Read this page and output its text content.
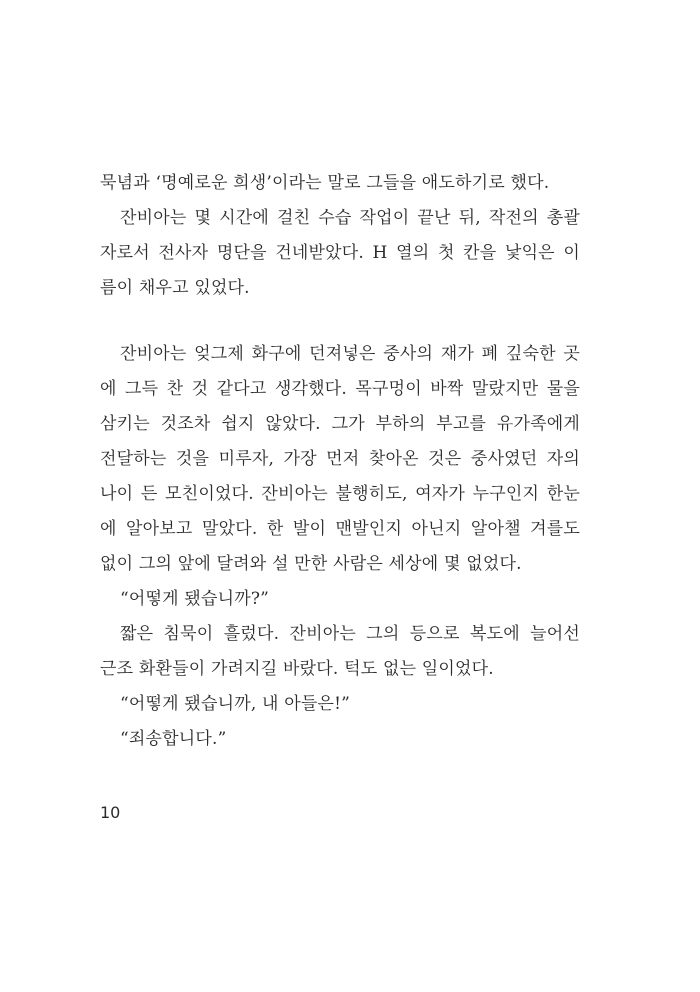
묵념과 ‘명예로운 희생’이라는 말로 그들을 애도하기로 했다.
잔비아는 몇 시간에 걸친 수습 작업이 끝난 뒤, 작전의 총괄
자로서 전사자 명단을 건네받았다. H 열의 첫 칸을 낯익은 이
름이 채우고 있었다.
잔비아는 엊그제 화구에 던져넣은 중사의 재가 폐 깊숙한 곳
에 그득 찬 것 같다고 생각했다. 목구멍이 바짝 말랐지만 물을
삼키는 것조차 쉽지 않았다. 그가 부하의 부고를 유가족에게
전달하는 것을 미루자, 가장 먼저 찾아온 것은 중사였던 자의
나이 든 모친이었다. 잔비아는 불행히도, 여자가 누구인지 한눈
에 알아보고 말았다. 한 발이 맨발인지 아닌지 알아챌 겨를도
없이 그의 앞에 달려와 설 만한 사람은 세상에 몇 없었다.
“어떻게 됐습니까?”
짧은 침묵이 흘렀다. 잔비아는 그의 등으로 복도에 늘어선
근조 화환들이 가려지길 바랐다. 턱도 없는 일이었다.
“어떻게 됐습니까, 내 아들은!”
“죄송합니다.”
10
